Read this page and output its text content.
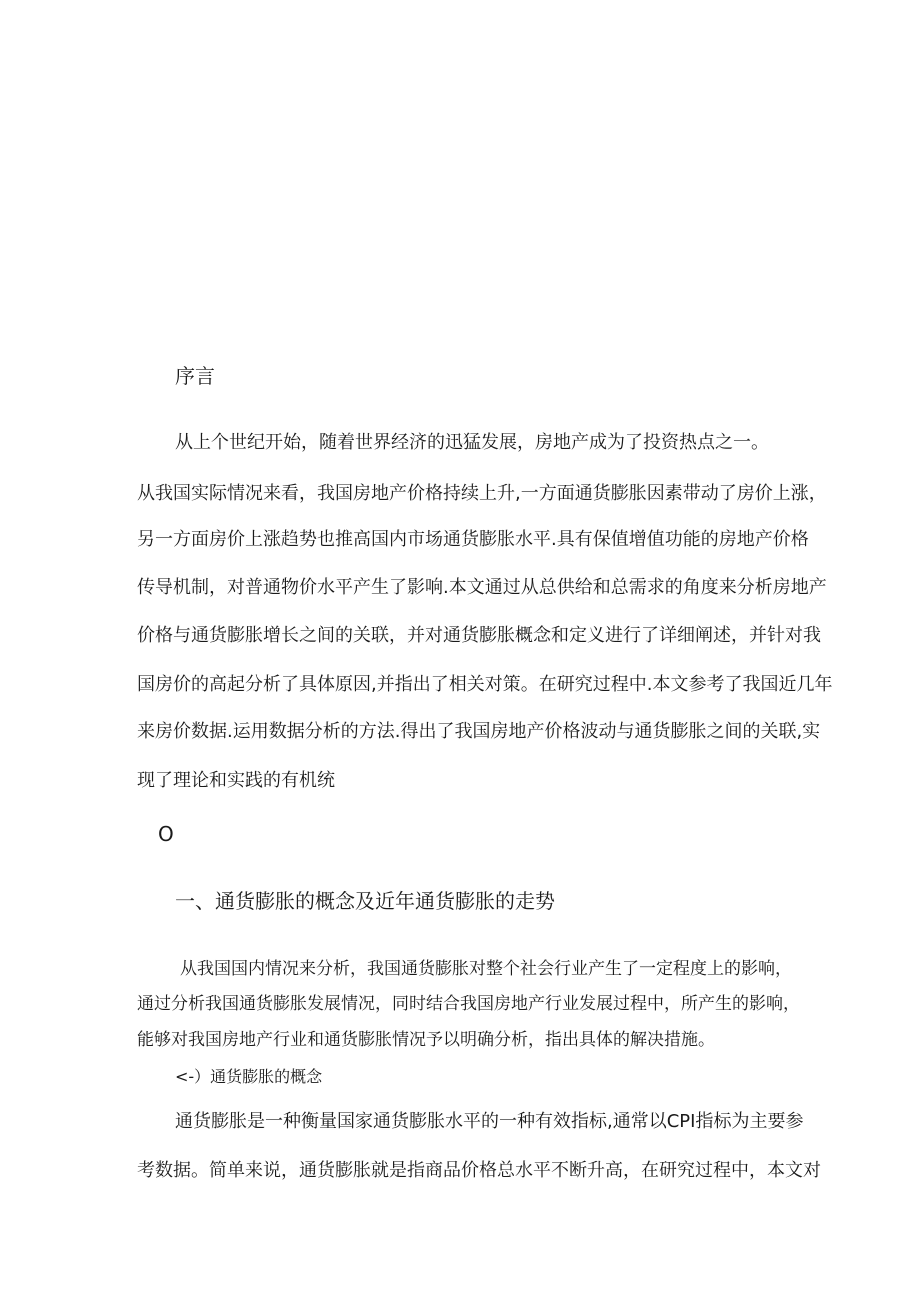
序言
从上个世纪开始，随着世界经济的迅猛发展，房地产成为了投资热点之一。
从我国实际情况来看，我国房地产价格持续上升,一方面通货膨胀因素带动了房价上涨，
另一方面房价上涨趋势也推高国内市场通货膨胀水平.具有保值增值功能的房地产价格
传导机制，对普通物价水平产生了影响.本文通过从总供给和总需求的角度来分析房地产
价格与通货膨胀增长之间的关联，并对通货膨胀概念和定义进行了详细阐述，并针对我
国房价的高起分析了具体原因,并指出了相关对策。在研究过程中.本文参考了我国近几年
来房价数据.运用数据分析的方法.得出了我国房地产价格波动与通货膨胀之间的关联,实
现了理论和实践的有机统
O
一、通货膨胀的概念及近年通货膨胀的走势
从我国国内情况来分析，我国通货膨胀对整个社会行业产生了一定程度上的影响，
通过分析我国通货膨胀发展情况，同时结合我国房地产行业发展过程中，所产生的影响，
能够对我国房地产行业和通货膨胀情况予以明确分析，指出具体的解决措施。
<-）通货膨胀的概念
通货膨胀是一种衡量国家通货膨胀水平的一种有效指标,通常以CPI指标为主要参
考数据。简单来说，通货膨胀就是指商品价格总水平不断升高，在研究过程中，本文对
